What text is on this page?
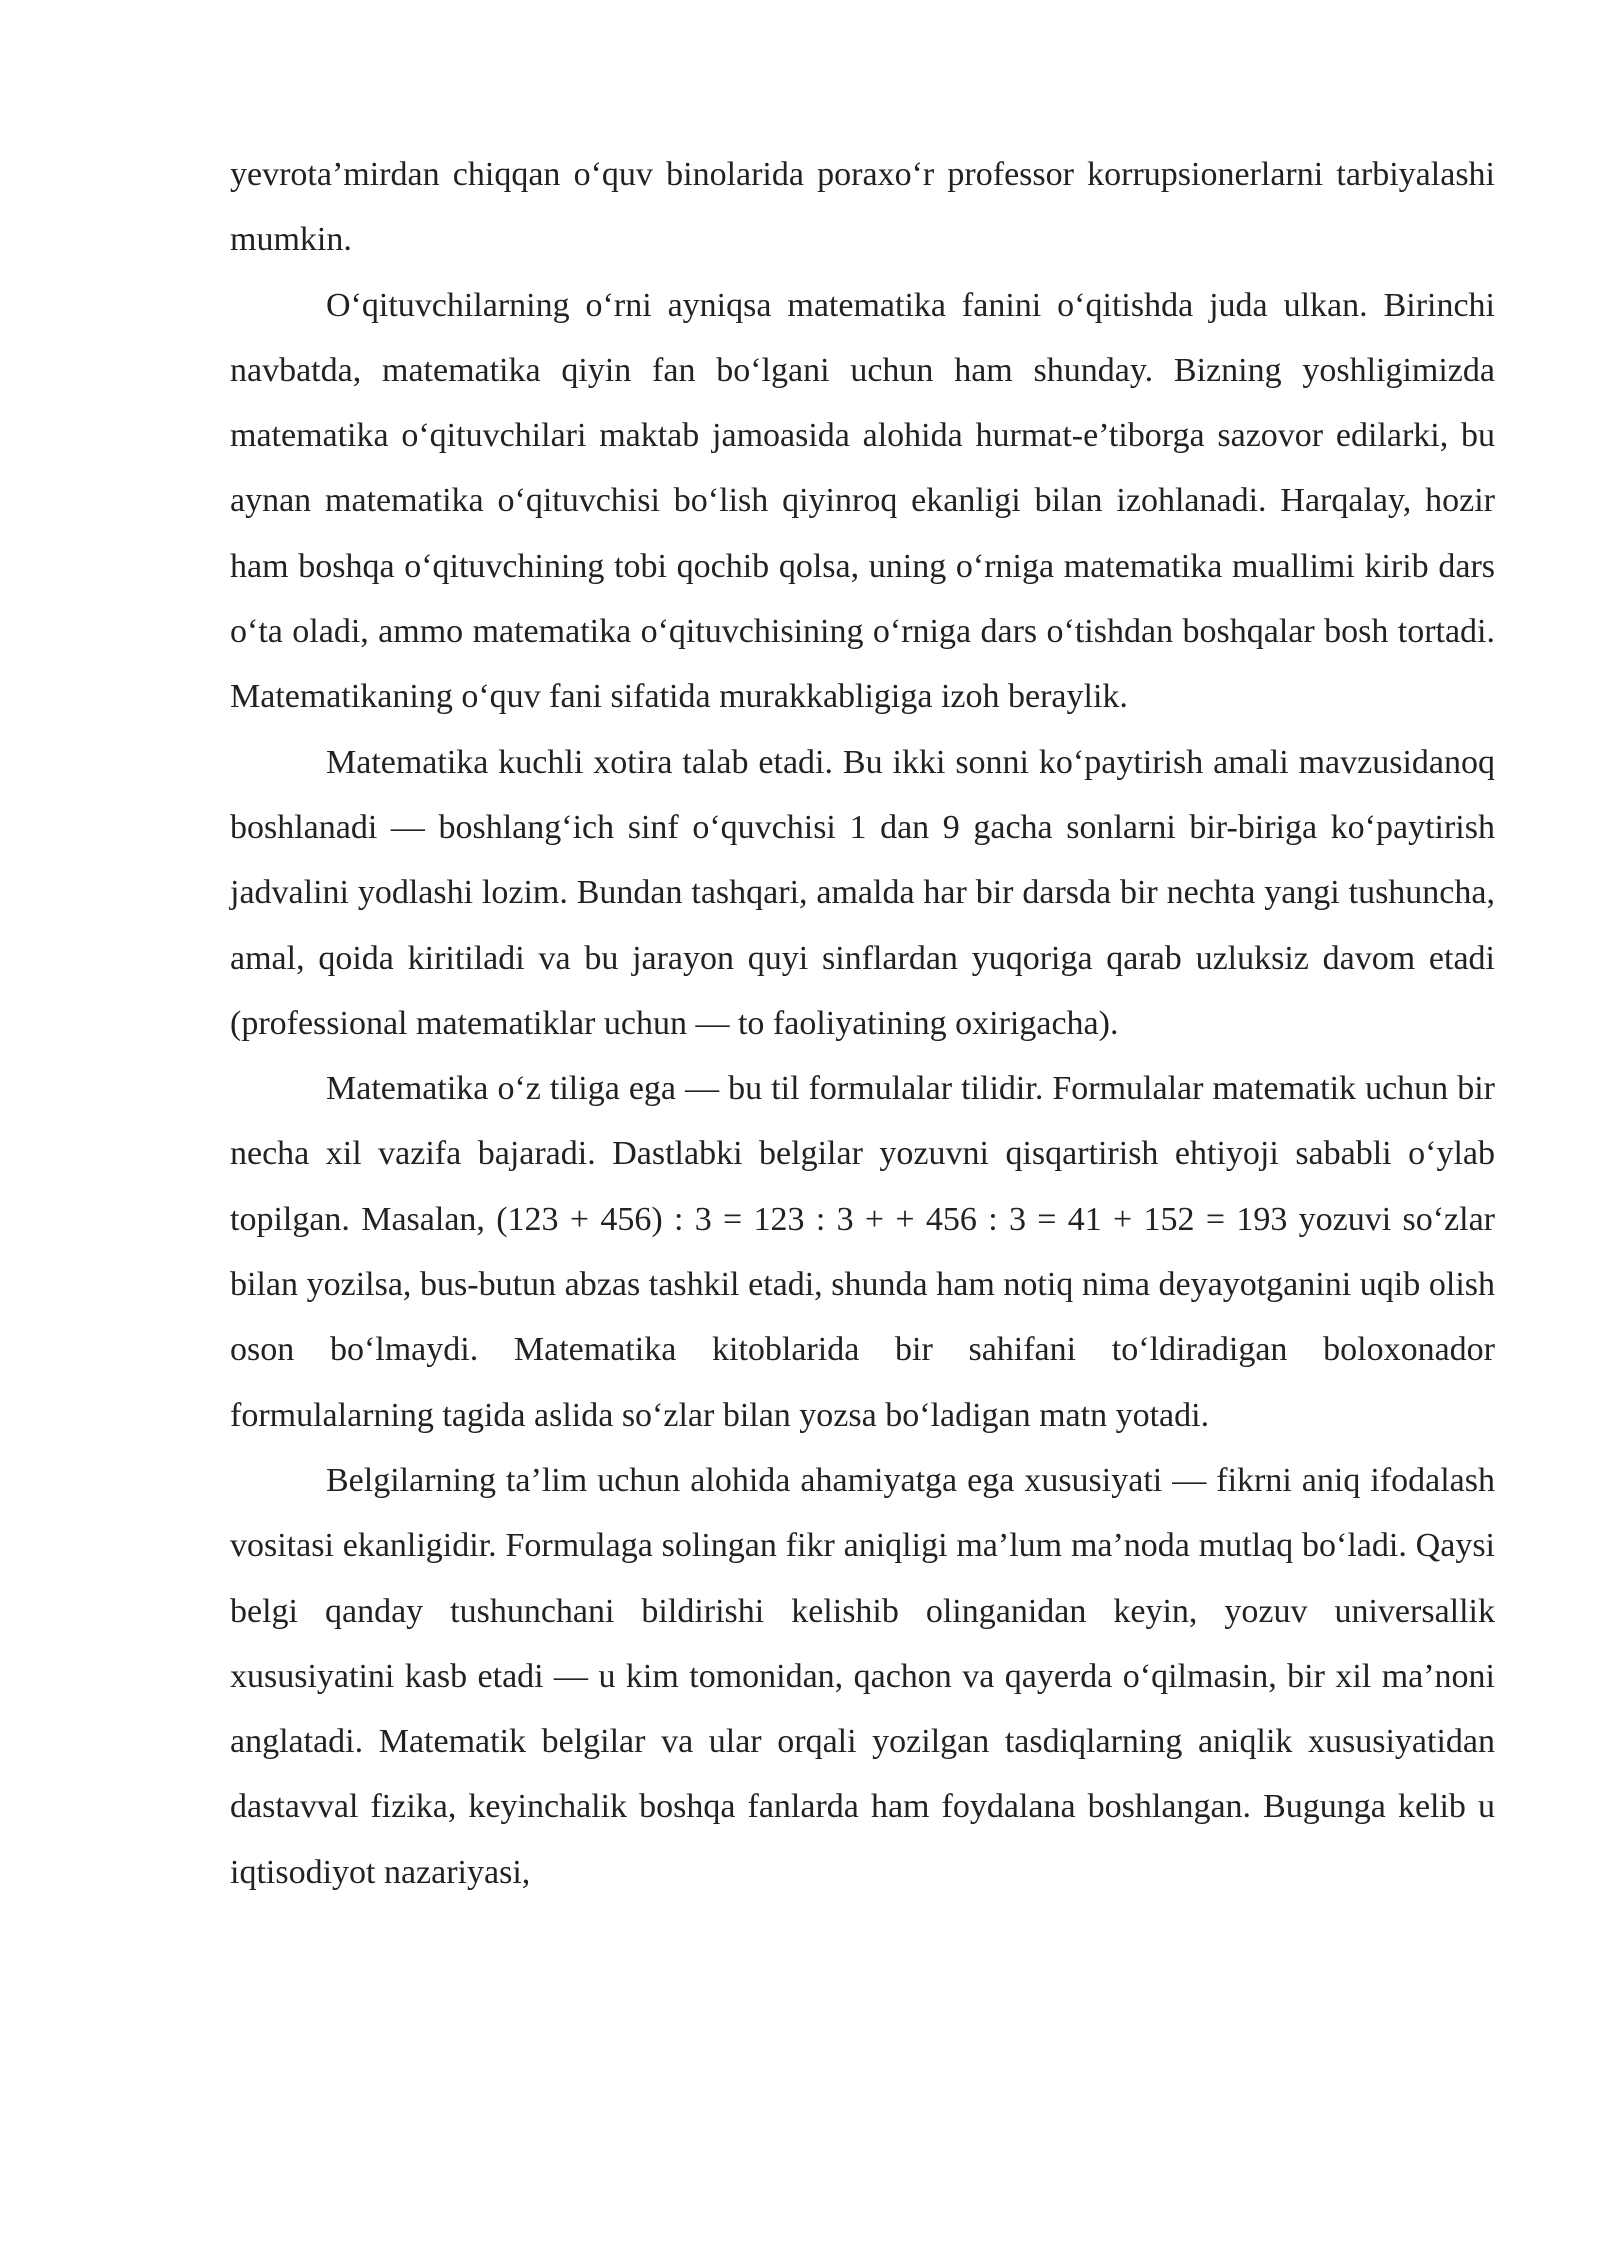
yevrota’mirdan chiqqan o‘quv binolarida poraxo‘r professor korrupsionerlarni tarbiyalashi mumkin.

O‘qituvchilarning o‘rni ayniqsa matematika fanini o‘qitishda juda ulkan. Birinchi navbatda, matematika qiyin fan bo‘lgani uchun ham shunday. Bizning yoshligimizda matematika o‘qituvchilari maktab jamoasida alohida hurmat-e’tiborga sazovor edilarki, bu aynan matematika o‘qituvchisi bo‘lish qiyinroq ekanligi bilan izohlanadi. Harqalay, hozir ham boshqa o‘qituvchining tobi qochib qolsa, uning o‘rniga matematika muallimi kirib dars o‘ta oladi, ammo matematika o‘qituvchisining o‘rniga dars o‘tishdan boshqalar bosh tortadi. Matematikaning o‘quv fani sifatida murakkabligiga izoh beraylik.

Matematika kuchli xotira talab etadi. Bu ikki sonni ko‘paytirish amali mavzusidanoq boshlanadi — boshlang‘ich sinf o‘quvchisi 1 dan 9 gacha sonlarni bir-biriga ko‘paytirish jadvalini yodlashi lozim. Bundan tashqari, amalda har bir darsda bir nechta yangi tushuncha, amal, qoida kiritiladi va bu jarayon quyi sinflardan yuqoriga qarab uzluksiz davom etadi (professional matematiklar uchun — to faoliyatining oxirigacha).

Matematika o‘z tiliga ega — bu til formulalar tilidir. Formulalar matematik uchun bir necha xil vazifa bajaradi. Dastlabki belgilar yozuvni qisqartirish ehtiyoji sababli o‘ylab topilgan. Masalan, (123 + 456) : 3 = 123 : 3 + + 456 : 3 = 41 + 152 = 193 yozuvi so‘zlar bilan yozilsa, bus-butun abzas tashkil etadi, shunda ham notiq nima deyayotganini uqib olish oson bo‘lmaydi. Matematika kitoblarida bir sahifani to‘ldiradigan boloxonador formulalarning tagida aslida so‘zlar bilan yozsa bo‘ladigan matn yotadi.

Belgilarning ta’lim uchun alohida ahamiyatga ega xususiyati — fikrni aniq ifodalash vositasi ekanligidir. Formulaga solingan fikr aniqligi ma’lum ma’noda mutlaq bo‘ladi. Qaysi belgi qanday tushunchani bildirishi kelishib olinganidan keyin, yozuv universallik xususiyatini kasb etadi — u kim tomonidan, qachon va qayerda o‘qilmasin, bir xil ma’noni anglatadi. Matematik belgilar va ular orqali yozilgan tasdiqlarning aniqlik xususiyatidan dastavval fizika, keyinchalik boshqa fanlarda ham foydalana boshlangan. Bugunga kelib u iqtisodiyot nazariyasi,
